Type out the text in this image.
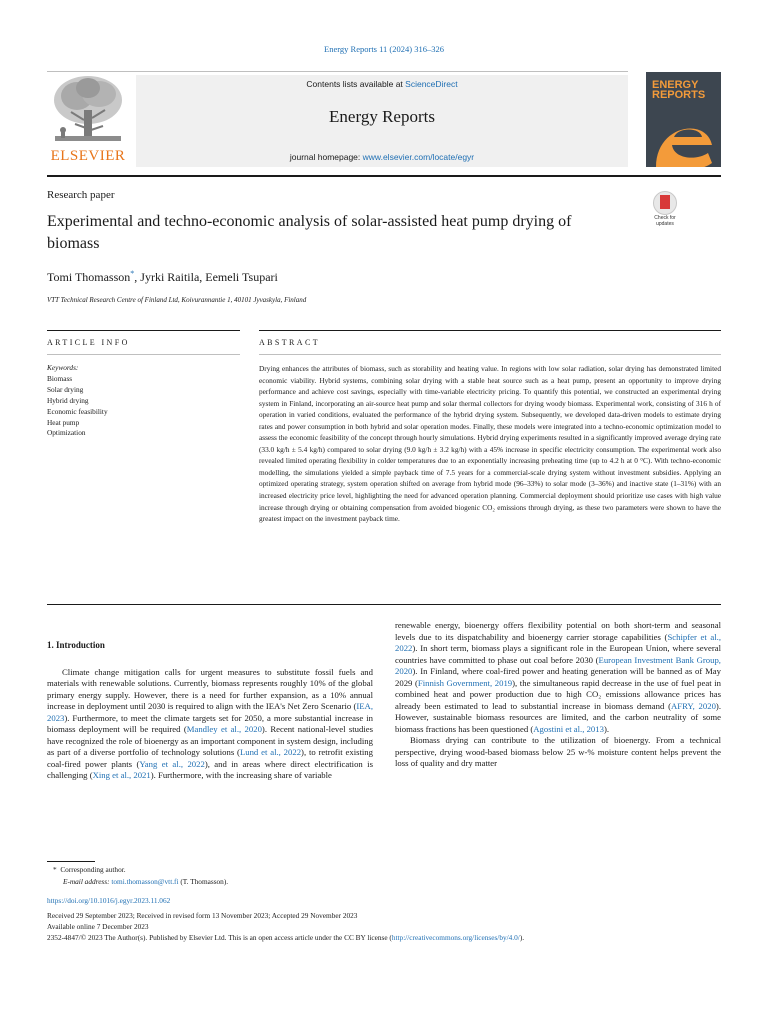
Energy Reports 11 (2024) 316–326
ELSEVIER
Contents lists available at ScienceDirect
Energy Reports
journal homepage: www.elsevier.com/locate/egyr
ENERGY
REPORTS
Research paper
Experimental and techno-economic analysis of solar-assisted heat pump drying of biomass
Check for updates
Tomi Thomasson*, Jyrki Raitila, Eemeli Tsupari
VTT Technical Research Centre of Finland Ltd, Koivurannantie 1, 40101 Jyvaskyla, Finland
ARTICLE INFO	ABSTRACT
Keywords:
Biomass
Solar drying
Hybrid drying
Economic feasibility
Heat pump
Optimization
Drying enhances the attributes of biomass, such as storability and heating value. In regions with low solar radiation, solar drying has demonstrated limited economic viability. Hybrid systems, combining solar drying with a stable heat source such as a heat pump, present an opportunity to improve drying performance and achieve cost savings, especially with time-variable electricity pricing. To quantify this potential, we constructed an experimental drying system in Finland, incorporating an air-source heat pump and solar thermal collectors for drying woody biomass. Experimental work, consisting of 316 h of operation in varied conditions, evaluated the performance of the hybrid drying system. Subsequently, we developed data-driven models to estimate drying rates and power consumption in both hybrid and solar operation modes. Finally, these models were integrated into a techno-economic optimization model to assess the economic feasibility of the concept through hourly simulations. Hybrid drying experiments resulted in a significantly improved average drying rate (33.0 kg/h ± 5.4 kg/h) compared to solar drying (9.0 kg/h ± 3.2 kg/h) with a 45% increase in specific electricity consumption. The experimental work also revealed limited operating flexibility in colder temperatures due to an exponentially increasing preheating time (up to 4.2 h at 0 °C). With techno-economic modelling, the simulations yielded a simple payback time of 7.5 years for a commercial-scale drying system without investment subsidies. Applying an optimized operating strategy, system operation shifted on average from hybrid mode (96–33%) to solar mode (3–36%) and inactive state (1–31%) with an increased electricity price level, highlighting the need for advanced operation planning. Commercial deployment should prioritize use cases with high value increase through drying or obtaining compensation from avoided biogenic CO₂ emissions through drying, as these two parameters were shown to have the greatest impact on the investment payback time.
1. Introduction

Climate change mitigation calls for urgent measures to substitute fossil fuels and materials with renewable solutions. Currently, biomass represents roughly 10% of the global primary energy supply. However, there is a need for further expansion, as a 10% annual increase in deployment until 2030 is required to align with the IEA's Net Zero Scenario (IEA, 2023). Furthermore, to meet the climate targets set for 2050, a more substantial increase in biomass deployment will be required (Mandley et al., 2020). Recent national-level studies have recognized the role of bioenergy as an important component in system design, including as part of a diverse portfolio of technology solutions (Lund et al., 2022), to retrofit existing coal-fired power plants (Yang et al., 2022), and in areas where direct electrification is challenging (Xing et al., 2021). Furthermore, with the increasing share of variable

renewable energy, bioenergy offers flexibility potential on both short-term and seasonal levels due to its dispatchability and bioenergy carrier storage capabilities (Schipfer et al., 2022). In short term, biomass plays a significant role in the European Union, where several countries have committed to phase out coal before 2030 (European Investment Bank Group, 2020). In Finland, where coal-fired power and heating generation will be banned as of May 2029 (Finnish Government, 2019), the simultaneous rapid decrease in the use of fuel peat in combined heat and power production due to high CO₂ emissions allowance prices has already been estimated to lead to substantial increase in biomass demand (AFRY, 2020). However, sustainable biomass resources are limited, and the carbon neutrality of some biomass fractions has been questioned (Agostini et al., 2013).

Biomass drying can contribute to the utilization of bioenergy. From a technical perspective, drying wood-based biomass below 25 w-% moisture content helps prevent the loss of quality and dry matter

* Corresponding author.
E-mail address: tomi.thomasson@vtt.fi (T. Thomasson).
https://doi.org/10.1016/j.egyr.2023.11.062
Received 29 September 2023; Received in revised form 13 November 2023; Accepted 29 November 2023
Available online 7 December 2023
2352-4847/© 2023 The Author(s). Published by Elsevier Ltd. This is an open access article under the CC BY license (http://creativecommons.org/licenses/by/4.0/).
